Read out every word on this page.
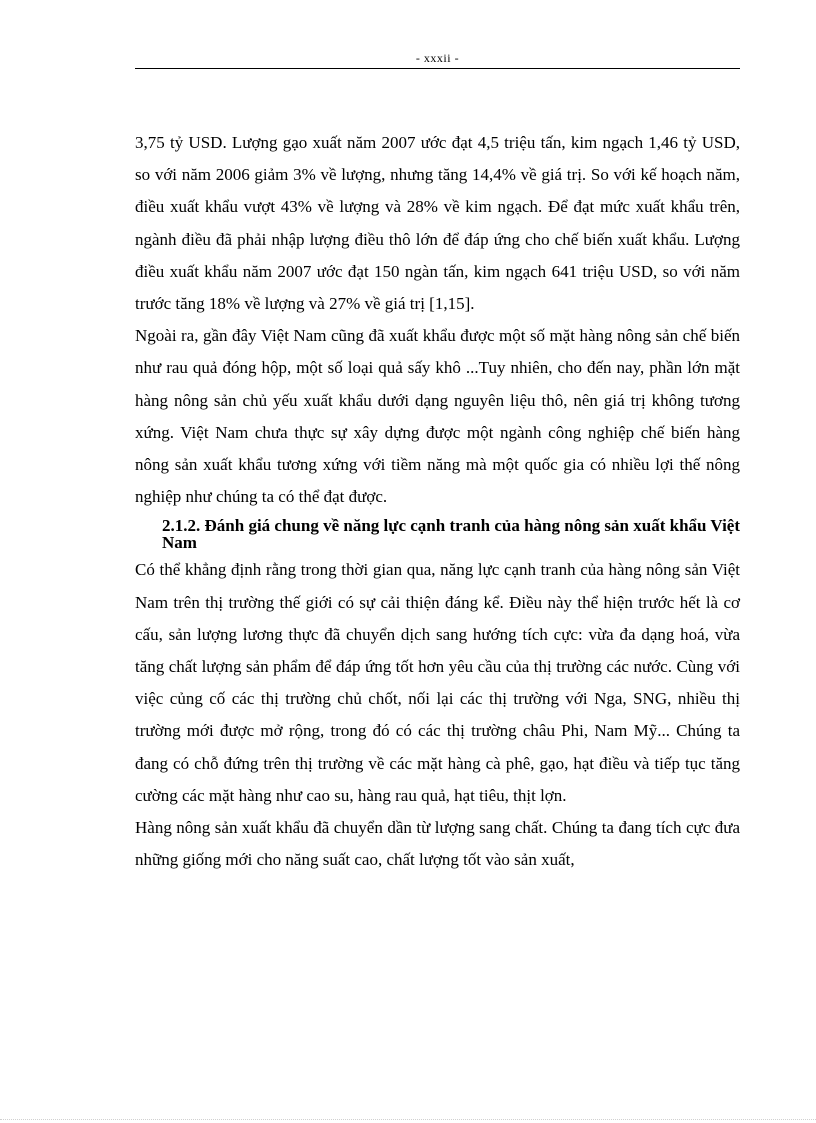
- xxxii -

3,75 tỷ USD. Lượng gạo xuất năm 2007 ước đạt 4,5 triệu tấn, kim ngạch 1,46 tỷ USD, so với năm 2006 giảm 3% về lượng, nhưng tăng 14,4% về giá trị. So với kế hoạch năm, điều xuất khẩu vượt 43% về lượng và 28% về kim ngạch. Để đạt mức xuất khẩu trên, ngành điều đã phải nhập lượng điều thô lớn để đáp ứng cho chế biến xuất khẩu. Lượng điều xuất khẩu năm 2007 ước đạt 150 ngàn tấn, kim ngạch 641 triệu USD, so với năm trước tăng 18% về lượng và 27% về giá trị [1,15].

Ngoài ra, gần đây Việt Nam cũng đã xuất khẩu được một số mặt hàng nông sản chế biến như rau quả đóng hộp, một số loại quả sấy khô ...Tuy nhiên, cho đến nay, phần lớn mặt hàng nông sản chủ yếu xuất khẩu dưới dạng nguyên liệu thô, nên giá trị không tương xứng. Việt Nam chưa thực sự xây dựng được một ngành công nghiệp chế biến hàng nông sản xuất khẩu tương xứng với tiềm năng mà một quốc gia có nhiều lợi thế nông nghiệp như chúng ta có thể đạt được.

2.1.2. Đánh giá chung về năng lực cạnh tranh của hàng nông sản xuất khẩu Việt Nam

Có thể khẳng định rằng trong thời gian qua, năng lực cạnh tranh của hàng nông sản Việt Nam trên thị trường thế giới có sự cải thiện đáng kể. Điều này thể hiện trước hết là cơ cấu, sản lượng lương thực đã chuyển dịch sang hướng tích cực: vừa đa dạng hoá, vừa tăng chất lượng sản phẩm để đáp ứng tốt hơn yêu cầu của thị trường các nước. Cùng với việc củng cố các thị trường chủ chốt, nối lại các thị trường với Nga, SNG, nhiều thị trường mới được mở rộng, trong đó có các thị trường châu Phi, Nam Mỹ... Chúng ta đang có chỗ đứng trên thị trường về các mặt hàng cà phê, gạo, hạt điều và tiếp tục tăng cường các mặt hàng như cao su, hàng rau quả, hạt tiêu, thịt lợn.

Hàng nông sản xuất khẩu đã chuyển dần từ lượng sang chất. Chúng ta đang tích cực đưa những giống mới cho năng suất cao, chất lượng tốt vào sản xuất,
